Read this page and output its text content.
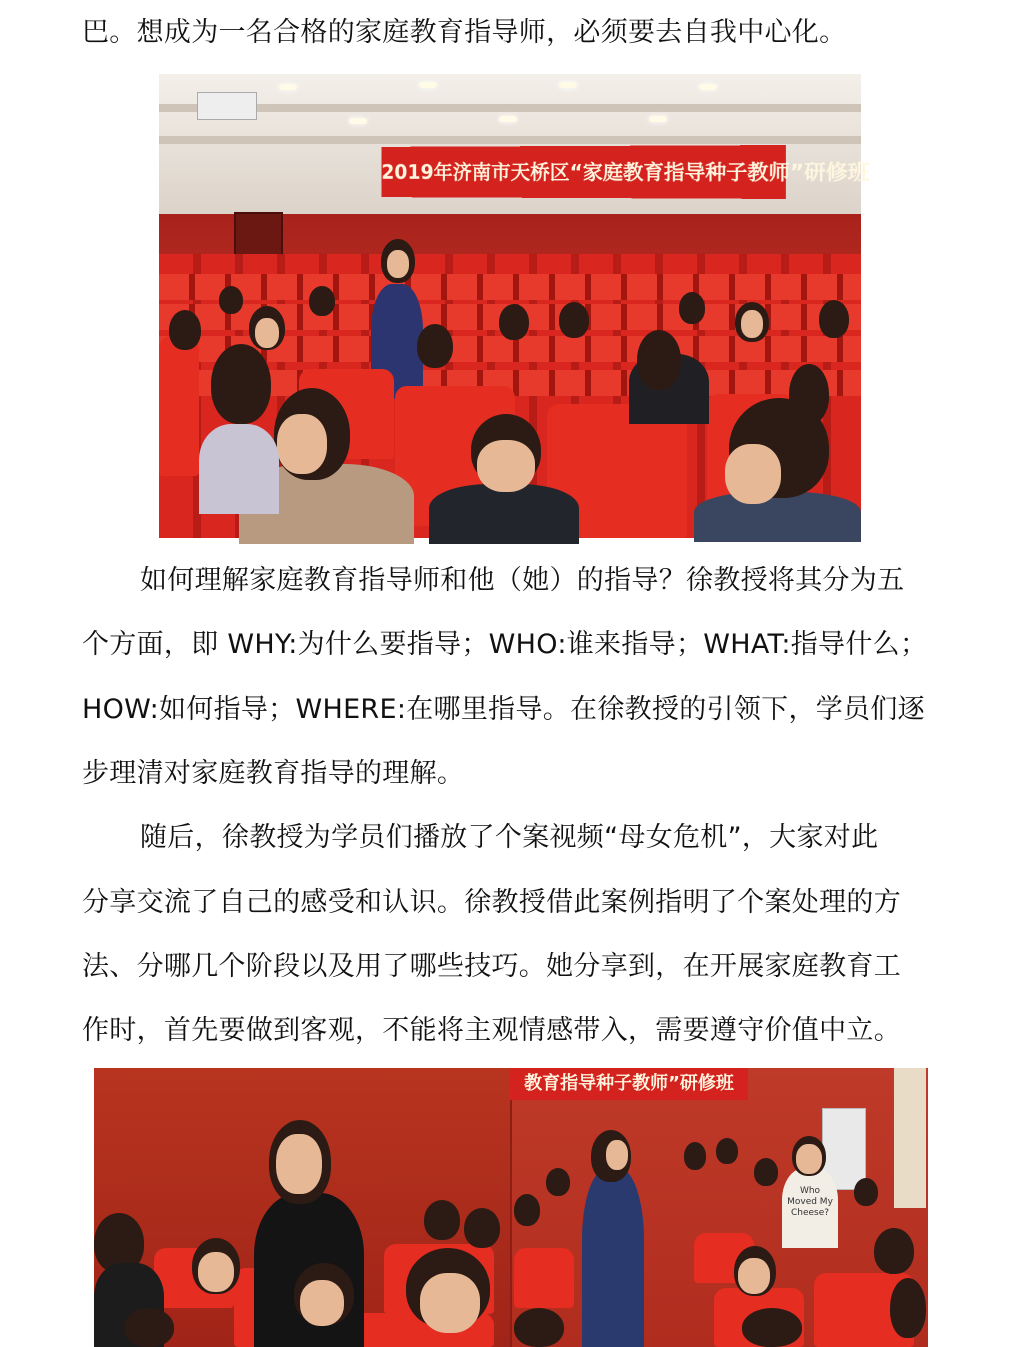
巴。想成为一名合格的家庭教育指导师，必须要去自我中心化。
2019年济南市天桥区“家庭教育指导种子教师”研修班
如何理解家庭教育指导师和他（她）的指导？徐教授将其分为五
个方面，即 WHY:为什么要指导；WHO:谁来指导；WHAT:指导什么；
HOW:如何指导；WHERE:在哪里指导。在徐教授的引领下，学员们逐
步理清对家庭教育指导的理解。
随后，徐教授为学员们播放了个案视频“母女危机”，大家对此
分享交流了自己的感受和认识。徐教授借此案例指明了个案处理的方
法、分哪几个阶段以及用了哪些技巧。她分享到，在开展家庭教育工
作时，首先要做到客观，不能将主观情感带入，需要遵守价值中立。
教育指导种子教师”研修班
Who Moved My Cheese?
